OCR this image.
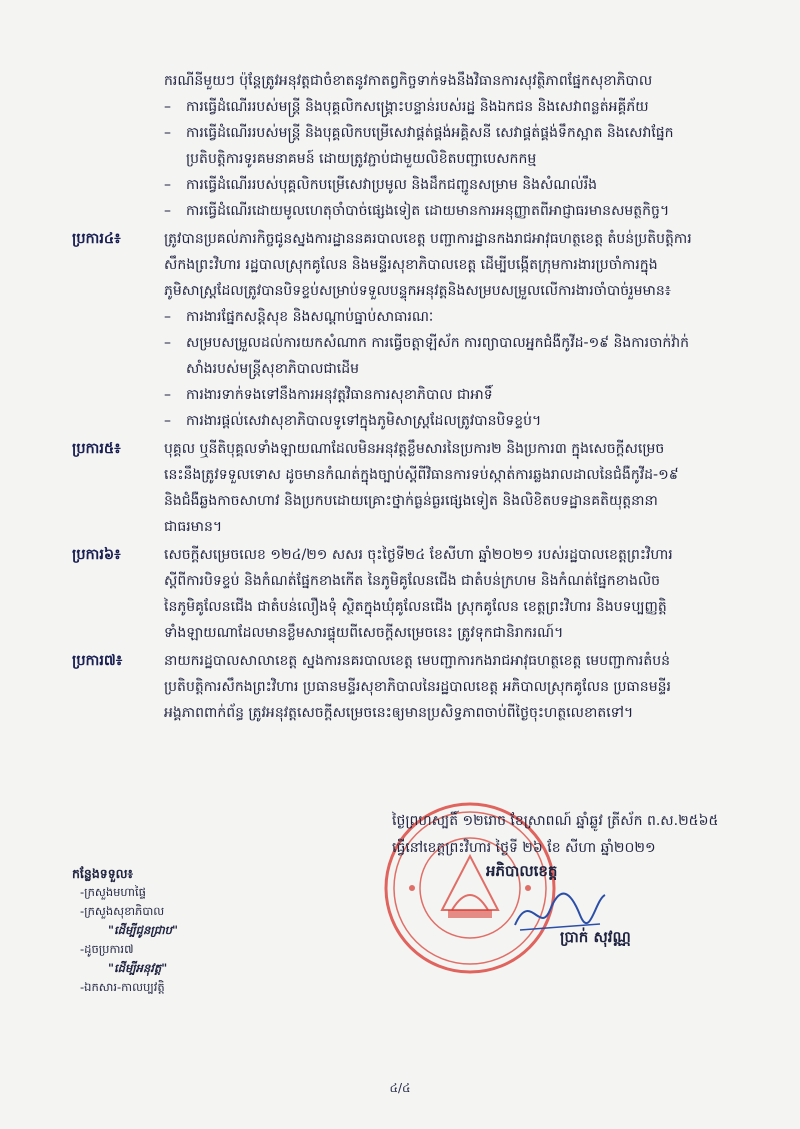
ករណីនីមួយៗ ប៉ុន្តែត្រូវអនុវត្តជាចំខាតនូវកាតព្វកិច្ចទាក់ទងនឹងវិធានការសុវត្ថិភាពផ្នែកសុខាភិបាល
–	ការធ្វើដំណើររបស់មន្ត្រី និងបុគ្គលិកសង្គ្រោះបន្ទាន់របស់រដ្ឋ និងឯកជន និងសេវាពន្លត់អគ្គីភ័យ
–	ការធ្វើដំណើររបស់មន្ត្រី និងបុគ្គលិកបម្រើសេវាផ្គត់ផ្គង់អគ្គិសនី សេវាផ្គត់ផ្គង់ទឹកស្អាត និងសេវាផ្នែក
ប្រតិបត្តិការទូរគមនាគមន៍ ដោយត្រូវភ្ជាប់ជាមួយលិខិតបញ្ជាបេសកកម្ម
–	ការធ្វើដំណើររបស់បុគ្គលិកបម្រើសេវាប្រមូល និងដឹកជញ្ជូនសម្រាម និងសំណល់រឹង
–	ការធ្វើដំណើរដោយមូលហេតុចាំបាច់ផ្សេងទៀត ដោយមានការអនុញ្ញាតពីអាជ្ញាធរមានសមត្ថកិច្ច។
ប្រការ៤៖	ត្រូវបានប្រគល់ភារកិច្ចជូនស្នងការដ្ឋាននគរបាលខេត្ត បញ្ជាការដ្ឋានកងរាជអាវុធហត្ថខេត្ត តំបន់ប្រតិបត្តិការ
សឹកងព្រះវិហារ រដ្ឋបាលស្រុកគូលែន និងមន្ទីរសុខាភិបាលខេត្ត ដើម្បីបង្កើតក្រុមការងារប្រចាំការក្នុង
ភូមិសាស្ត្រដែលត្រូវបានបិទខ្ទប់សម្រាប់ទទួលបន្ទុកអនុវត្តនិងសម្របសម្រួលលើការងារចាំបាច់រួមមាន៖
–	ការងារផ្នែកសន្តិសុខ និងសណ្តាប់ធ្នាប់សាធារណៈ
–	សម្របសម្រួលដល់ការយកសំណាក ការធ្វើចត្តាឡីស័ក ការព្យាបាលអ្នកជំងឺកូវីដ-១៩ និងការចាក់វ៉ាក់
សាំងរបស់មន្ត្រីសុខាភិបាលជាដើម
–	ការងារទាក់ទងទៅនឹងការអនុវត្តវិធានការសុខាភិបាល ជាអាទិ៍
–	ការងារផ្តល់សេវាសុខាភិបាលទូទៅក្នុងភូមិសាស្ត្រដែលត្រូវបានបិទខ្ទប់។
ប្រការ៥៖	បុគ្គល ឬនីតិបុគ្គលទាំងឡាយណាដែលមិនអនុវត្តខ្លឹមសារនៃប្រការ២ និងប្រការ៣ ក្នុងសេចក្តីសម្រេច
នេះនឹងត្រូវទទួលទោស ដូចមានកំណត់ក្នុងច្បាប់ស្តីពីវិធានការទប់ស្កាត់ការឆ្លងរាលដាលនៃជំងឺកូវីដ-១៩
និងជំងឺឆ្លងកាចសាហាវ និងប្រកបដោយគ្រោះថ្នាក់ធ្ងន់ធ្ងរផ្សេងទៀត និងលិខិតបទដ្ឋានគតិយុត្តនានា
ជាធរមាន។
ប្រការ៦៖	សេចក្តីសម្រេចលេខ ១២៤/២១ សសរ ចុះថ្ងៃទី២៤ ខែសីហា ឆ្នាំ២០២១ របស់រដ្ឋបាលខេត្តព្រះវិហារ
ស្តីពីការបិទខ្ទប់ និងកំណត់ផ្នែកខាងកើត នៃភូមិគូលែនជើង ជាតំបន់ក្រហម និងកំណត់ផ្នែកខាងលិច
នៃភូមិគូលែនជើង ជាតំបន់លឿងទុំ ស្ថិតក្នុងឃុំគូលែនជើង ស្រុកគូលែន ខេត្តព្រះវិហារ និងបទប្បញ្ញត្តិ
ទាំងឡាយណាដែលមានខ្លឹមសារផ្ទុយពីសេចក្តីសម្រេចនេះ ត្រូវទុកជានិរាករណ៍។
ប្រការ៧៖	នាយករដ្ឋបាលសាលាខេត្ត ស្នងការនគរបាលខេត្ត មេបញ្ជាការកងរាជអាវុធហត្ថខេត្ត មេបញ្ជាការតំបន់
ប្រតិបត្តិការសឹកងព្រះវិហារ ប្រធានមន្ទីរសុខាភិបាលនៃរដ្ឋបាលខេត្ត អភិបាលស្រុកគូលែន ប្រធានមន្ទីរ
អង្គភាពពាក់ព័ន្ធ ត្រូវអនុវត្តសេចក្តីសម្រេចនេះឲ្យមានប្រសិទ្ធភាពចាប់ពីថ្ងៃចុះហត្ថលេខាតទៅ។
ថ្ងៃព្រហស្បតិ៍ ១២រោច ខែស្រាពណ៍ ឆ្នាំឆ្លូវ ត្រីស័ក ព.ស.២៥៦៥
ធ្វើនៅខេត្តព្រះវិហារ ថ្ងៃទី ២៦ ខែ សីហា ឆ្នាំ២០២១
អភិបាលខេត្ត
ប្រាក់ សុវណ្ណ
កន្លែងទទួល៖
-ក្រសួងមហាផ្ទៃ
-ក្រសួងសុខាភិបាល
"ដើម្បីជូនជ្រាប"
-ដូចប្រការ៧
"ដើម្បីអនុវត្ត"
-ឯកសារ-កាលប្បវត្តិ
៤/៤
